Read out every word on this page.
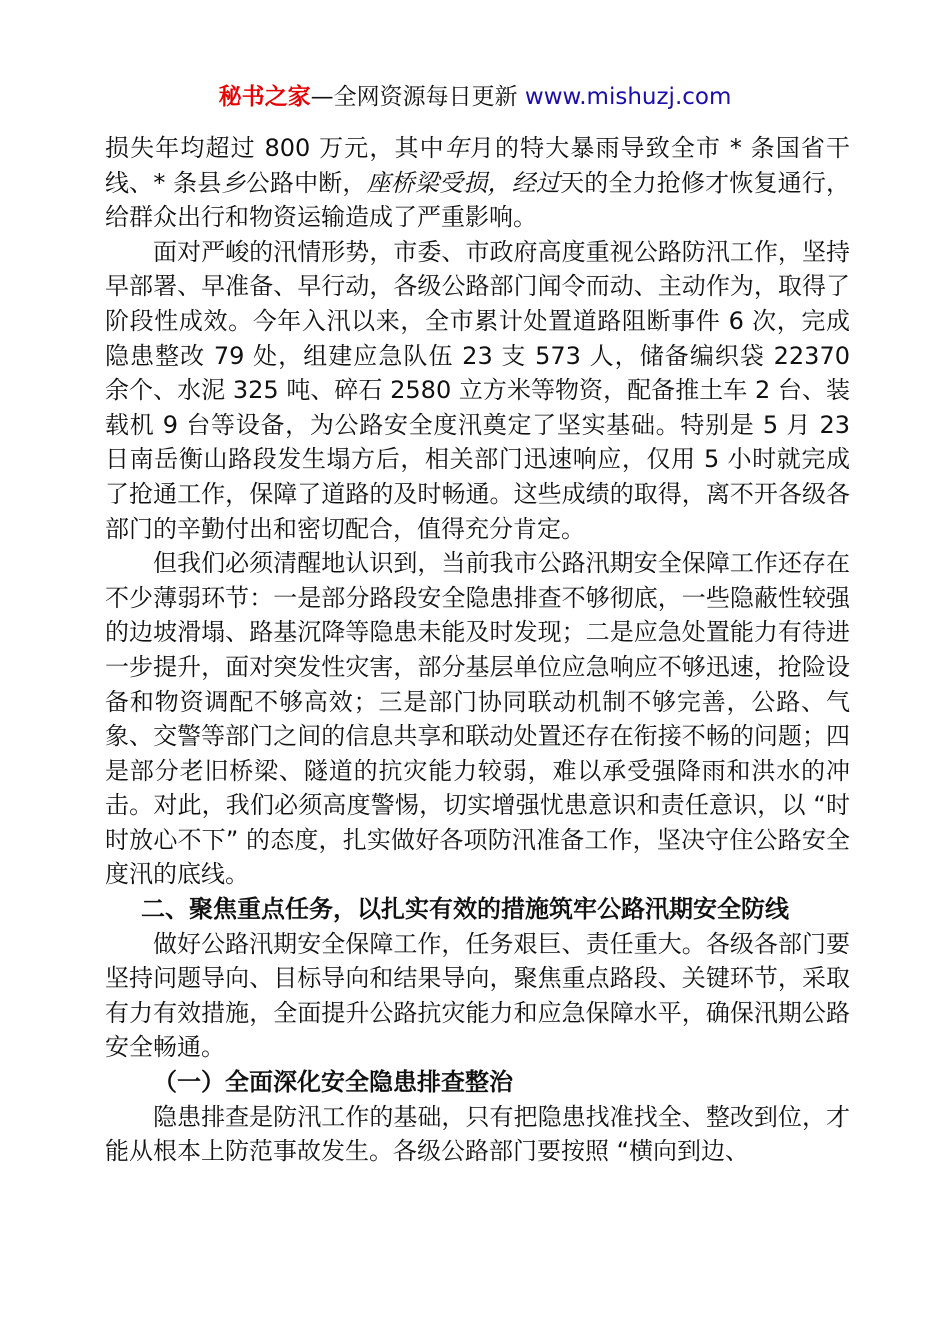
秘书之家—全网资源每日更新 www.mishuzj.com

损失年均超过 800 万元，其中年月的特大暴雨导致全市 * 条国省干线、* 条县乡公路中断，座桥梁受损，经过天的全力抢修才恢复通行，给群众出行和物资运输造成了严重影响。

面对严峻的汛情形势，市委、市政府高度重视公路防汛工作，坚持早部署、早准备、早行动，各级公路部门闻令而动、主动作为，取得了阶段性成效。今年入汛以来，全市累计处置道路阻断事件 6 次，完成隐患整改 79 处，组建应急队伍 23 支 573 人，储备编织袋 22370 余个、水泥 325 吨、碎石 2580 立方米等物资，配备推土车 2 台、装载机 9 台等设备，为公路安全度汛奠定了坚实基础。特别是 5 月 23 日南岳衡山路段发生塌方后，相关部门迅速响应，仅用 5 小时就完成了抢通工作，保障了道路的及时畅通。这些成绩的取得，离不开各级各部门的辛勤付出和密切配合，值得充分肯定。

但我们必须清醒地认识到，当前我市公路汛期安全保障工作还存在不少薄弱环节：一是部分路段安全隐患排查不够彻底，一些隐蔽性较强的边坡滑塌、路基沉降等隐患未能及时发现；二是应急处置能力有待进一步提升，面对突发性灾害，部分基层单位应急响应不够迅速，抢险设备和物资调配不够高效；三是部门协同联动机制不够完善，公路、气象、交警等部门之间的信息共享和联动处置还存在衔接不畅的问题；四是部分老旧桥梁、隧道的抗灾能力较弱，难以承受强降雨和洪水的冲击。对此，我们必须高度警惕，切实增强忧患意识和责任意识，以 “时时放心不下” 的态度，扎实做好各项防汛准备工作，坚决守住公路安全度汛的底线。

二、聚焦重点任务，以扎实有效的措施筑牢公路汛期安全防线

做好公路汛期安全保障工作，任务艰巨、责任重大。各级各部门要坚持问题导向、目标导向和结果导向，聚焦重点路段、关键环节，采取有力有效措施，全面提升公路抗灾能力和应急保障水平，确保汛期公路安全畅通。

（一）全面深化安全隐患排查整治

隐患排查是防汛工作的基础，只有把隐患找准找全、整改到位，才能从根本上防范事故发生。各级公路部门要按照 “横向到边、
